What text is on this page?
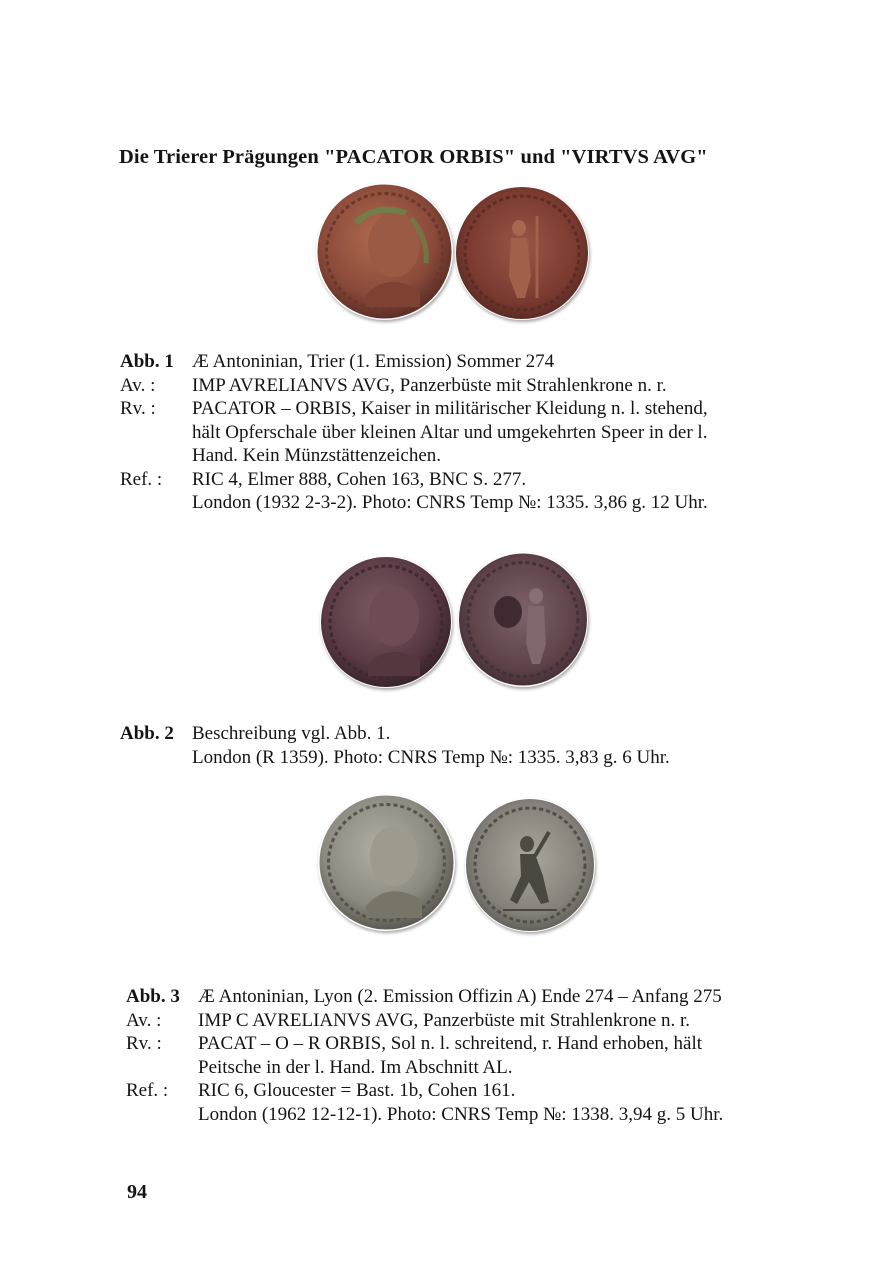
Die Trierer Prägungen "PACATOR ORBIS" und "VIRTVS AVG"
Abb. 1 Æ Antoninian, Trier (1. Emission) Sommer 274
Av. : IMP AVRELIANVS AVG, Panzerbüste mit Strahlenkrone n. r.
Rv. : PACATOR – ORBIS, Kaiser in militärischer Kleidung n. l. stehend,
hält Opferschale über kleinen Altar und umgekehrten Speer in der l.
Hand. Kein Münzstättenzeichen.
Ref. : RIC 4, Elmer 888, Cohen 163, BNC S. 277.
London (1932 2-3-2). Photo: CNRS Temp №: 1335. 3,86 g. 12 Uhr.
Abb. 2 Beschreibung vgl. Abb. 1.
London (R 1359). Photo: CNRS Temp №: 1335. 3,83 g. 6 Uhr.
Abb. 3 Æ Antoninian, Lyon (2. Emission Offizin A) Ende 274 – Anfang 275
Av. : IMP C AVRELIANVS AVG, Panzerbüste mit Strahlenkrone n. r.
Rv. : PACAT – O – R ORBIS, Sol n. l. schreitend, r. Hand erhoben, hält
Peitsche in der l. Hand. Im Abschnitt AL.
Ref. : RIC 6, Gloucester = Bast. 1b, Cohen 161.
London (1962 12-12-1). Photo: CNRS Temp №: 1338. 3,94 g. 5 Uhr.
94
